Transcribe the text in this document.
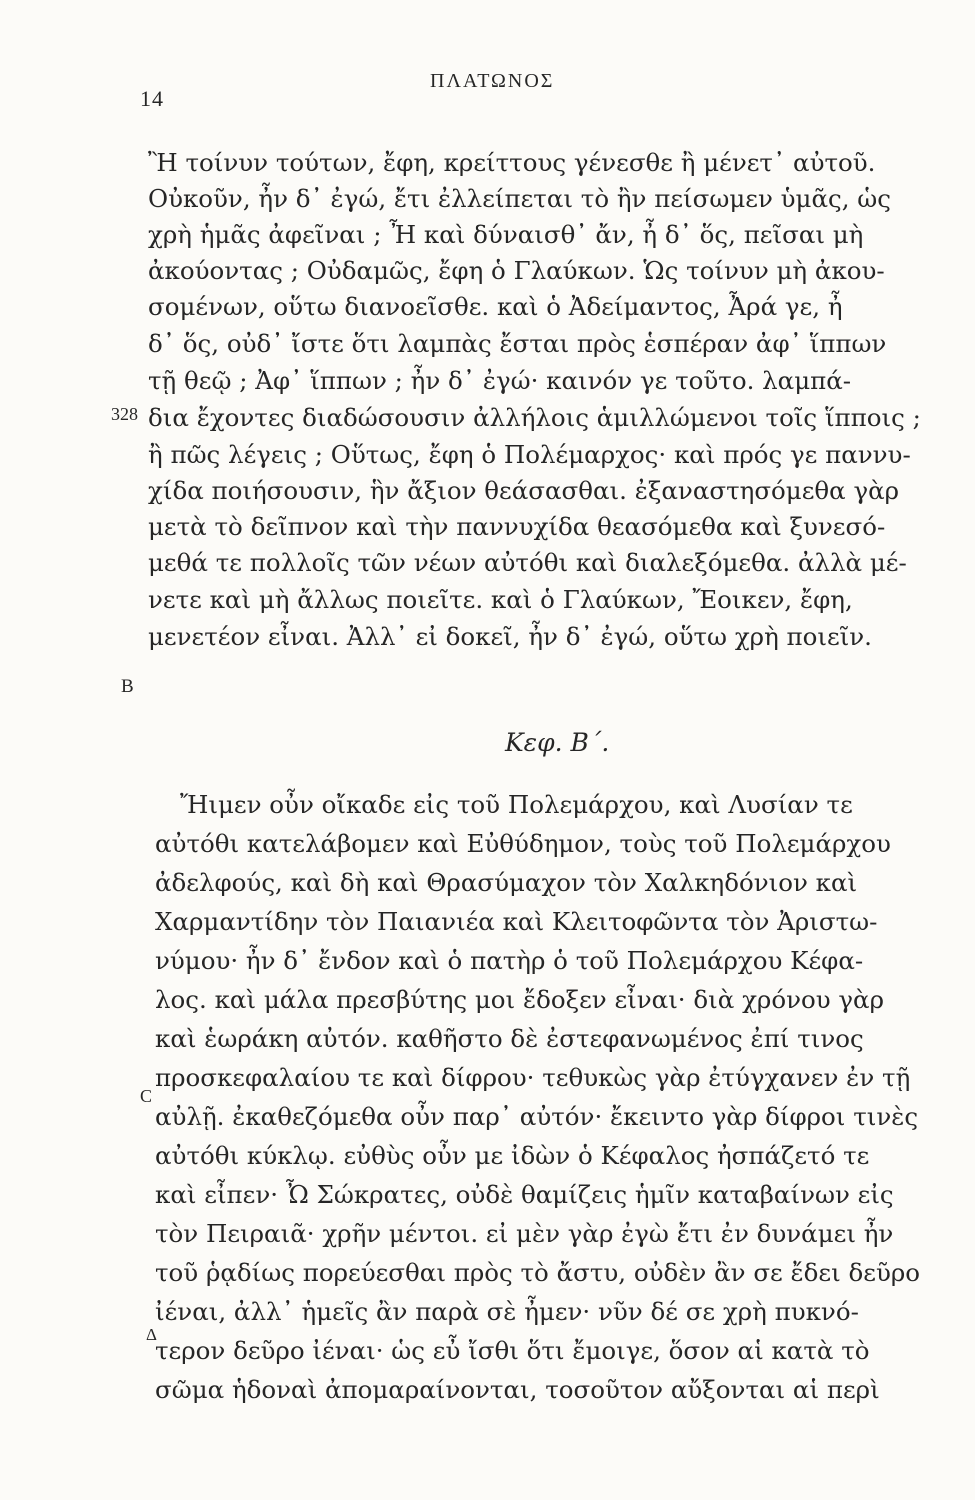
14
ΠΛΑΤΩΝΟΣ
328
B
C
Δ
Κεφ. Β΄.
Ἢ τοίνυν τούτων, ἔφη, κρείττους γένεσθε ἢ μένετ᾿ αὐτοῦ.
Οὐκοῦν, ἦν δ᾿ ἐγώ, ἔτι ἐλλείπεται τὸ ἢν πείσωμεν ὑμᾶς, ὡς
χρὴ ἡμᾶς ἀφεῖναι ; Ἦ καὶ δύναισθ᾿ ἄν, ἦ δ᾿ ὅς, πεῖσαι μὴ
ἀκούοντας ; Οὐδαμῶς, ἔφη ὁ Γλαύκων. Ὡς τοίνυν μὴ ἀκου-
σομένων, οὕτω διανοεῖσθε. καὶ ὁ Ἀδείμαντος, Ἆρά γε, ἦ
δ᾿ ὅς, οὐδ᾿ ἴστε ὅτι λαμπὰς ἔσται πρὸς ἑσπέραν ἀφ᾿ ἵππων
τῇ θεῷ ; Ἀφ᾿ ἵππων ; ἦν δ᾿ ἐγώ· καινόν γε τοῦτο. λαμπά-
δια ἔχοντες διαδώσουσιν ἀλλήλοις ἁμιλλώμενοι τοῖς ἵπποις ;
ἢ πῶς λέγεις ; Οὕτως, ἔφη ὁ Πολέμαρχος· καὶ πρός γε παννυ-
χίδα ποιήσουσιν, ἣν ἄξιον θεάσασθαι. ἐξαναστησόμεθα γὰρ
μετὰ τὸ δεῖπνον καὶ τὴν παννυχίδα θεασόμεθα καὶ ξυνεσό-
μεθά τε πολλοῖς τῶν νέων αὐτόθι καὶ διαλεξόμεθα. ἀλλὰ μέ-
νετε καὶ μὴ ἄλλως ποιεῖτε. καὶ ὁ Γλαύκων, Ἔοικεν, ἔφη,
μενετέον εἶναι. Ἀλλ᾿ εἰ δοκεῖ, ἦν δ᾿ ἐγώ, οὕτω χρὴ ποιεῖν.
Ἤιμεν οὖν οἴκαδε εἰς τοῦ Πολεμάρχου, καὶ Λυσίαν τε
αὐτόθι κατελάβομεν καὶ Εὐθύδημον, τοὺς τοῦ Πολεμάρχου
ἀδελφούς, καὶ δὴ καὶ Θρασύμαχον τὸν Χαλκηδόνιον καὶ
Χαρμαντίδην τὸν Παιανιέα καὶ Κλειτοφῶντα τὸν Ἀριστω-
νύμου· ἦν δ᾿ ἔνδον καὶ ὁ πατὴρ ὁ τοῦ Πολεμάρχου Κέφα-
λος. καὶ μάλα πρεσβύτης μοι ἔδοξεν εἶναι· διὰ χρόνου γὰρ
καὶ ἑωράκη αὐτόν. καθῆστο δὲ ἐστεφανωμένος ἐπί τινος
προσκεφαλαίου τε καὶ δίφρου· τεθυκὼς γὰρ ἐτύγχανεν ἐν τῇ
αὐλῇ. ἐκαθεζόμεθα οὖν παρ᾿ αὐτόν· ἔκειντο γὰρ δίφροι τινὲς
αὐτόθι κύκλῳ. εὐθὺς οὖν με ἰδὼν ὁ Κέφαλος ἠσπάζετό τε
καὶ εἶπεν· Ὦ Σώκρατες, οὐδὲ θαμίζεις ἡμῖν καταβαίνων εἰς
τὸν Πειραιᾶ· χρῆν μέντοι. εἰ μὲν γὰρ ἐγὼ ἔτι ἐν δυνάμει ἦν
τοῦ ῥᾳδίως πορεύεσθαι πρὸς τὸ ἄστυ, οὐδὲν ἂν σε ἔδει δεῦρο
ἰέναι, ἀλλ᾿ ἡμεῖς ἂν παρὰ σὲ ἦμεν· νῦν δέ σε χρὴ πυκνό-
τερον δεῦρο ἰέναι· ὡς εὖ ἴσθι ὅτι ἔμοιγε, ὅσον αἱ κατὰ τὸ
σῶμα ἡδοναὶ ἀπομαραίνονται, τοσοῦτον αὔξονται αἱ περὶ
